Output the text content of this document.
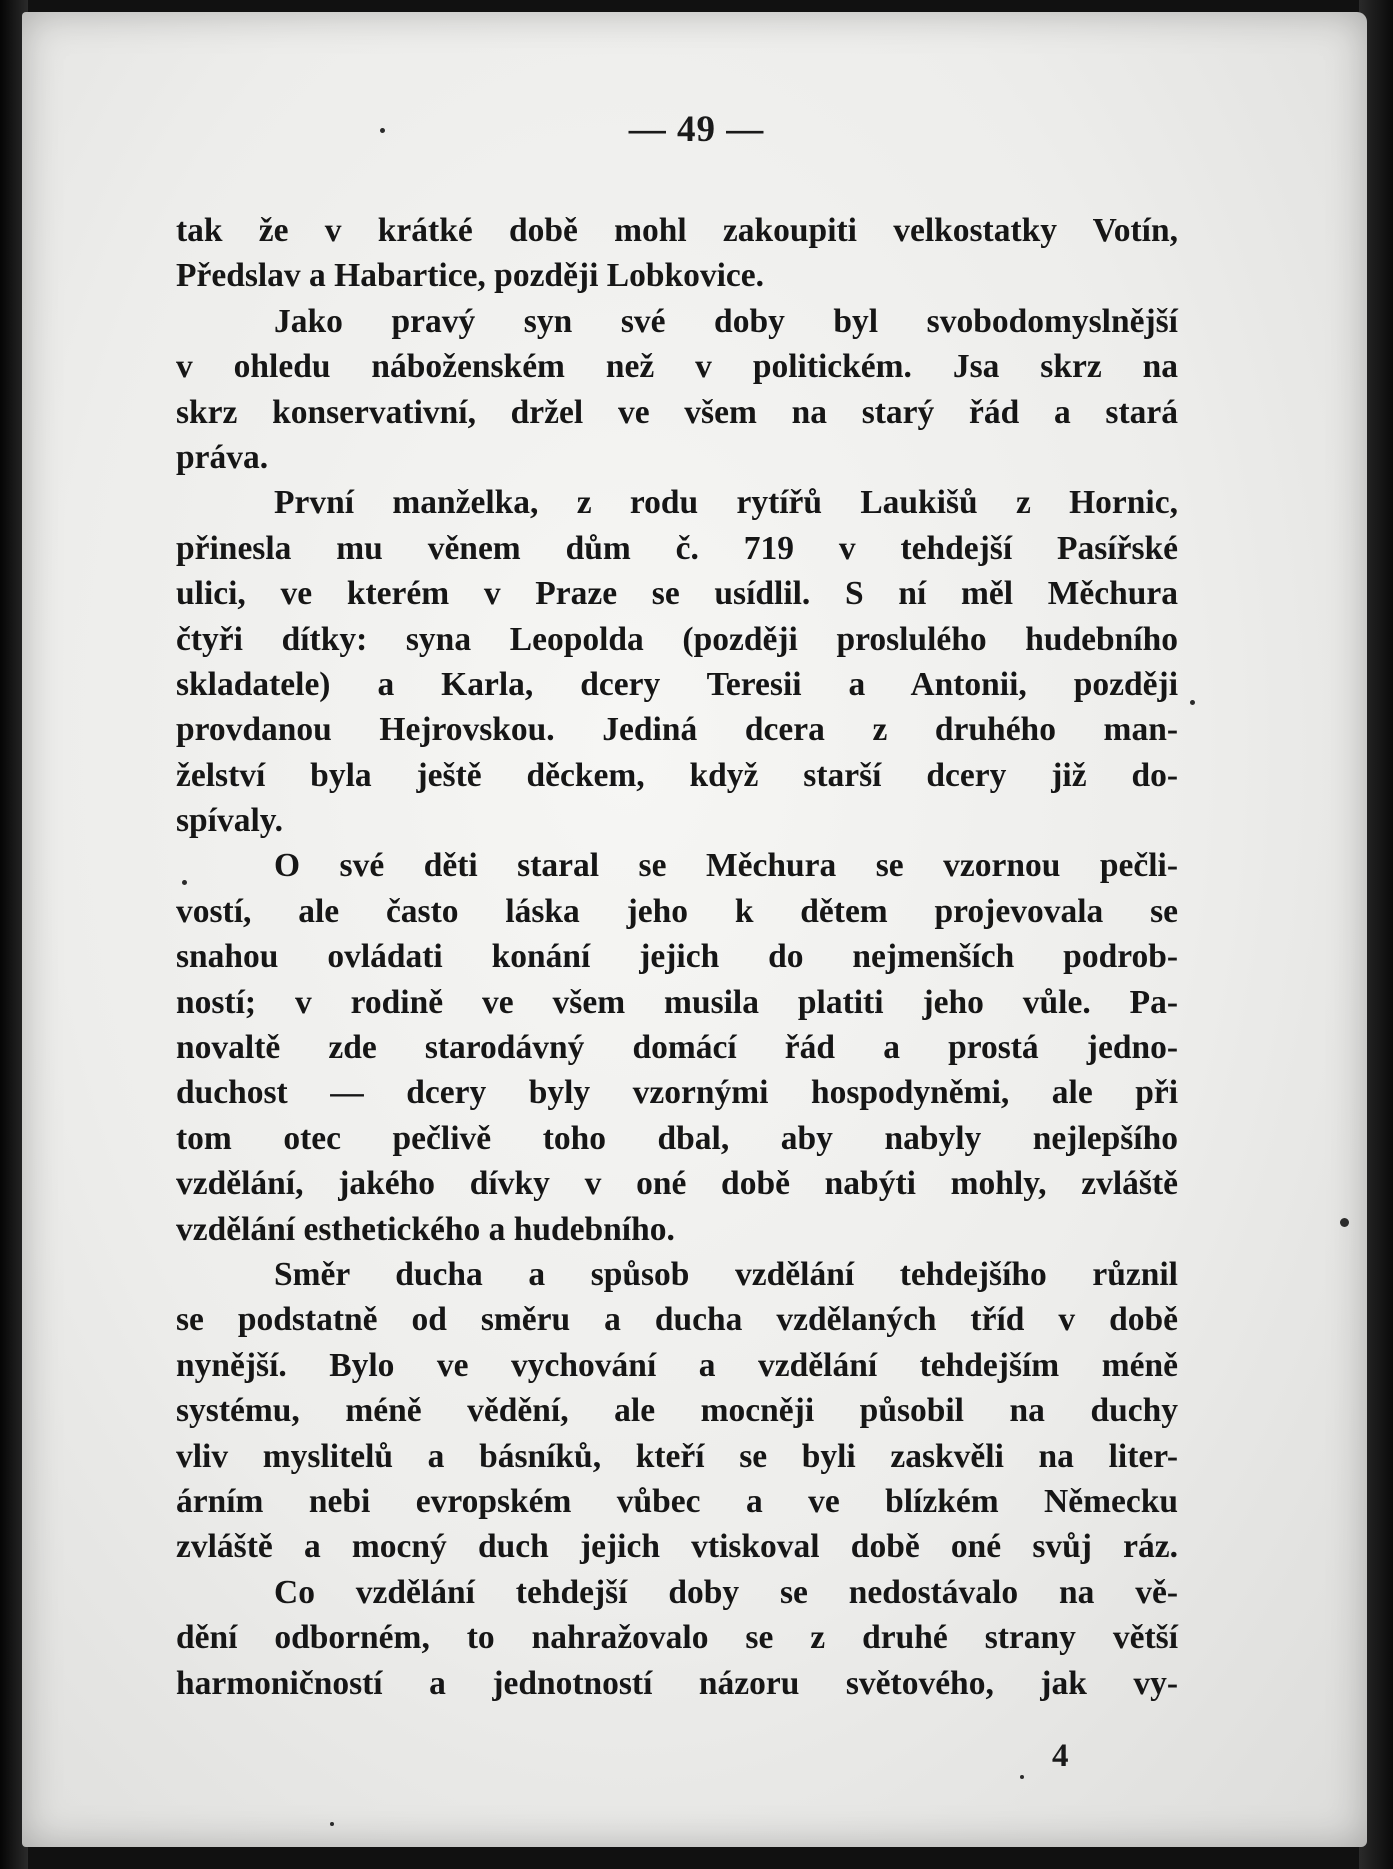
— 49 —
tak že v krátké době mohl zakoupiti velkostatky Votín,
Předslav a Habartice, později Lobkovice.
Jako pravý syn své doby byl svobodomyslnější
v ohledu náboženském než v politickém. Jsa skrz na
skrz konservativní, držel ve všem na starý řád a stará
práva.
První manželka, z rodu rytířů Laukišů z Hornic,
přinesla mu věnem dům č. 719 v tehdejší Pasířské
ulici, ve kterém v Praze se usídlil. S ní měl Měchura
čtyři dítky: syna Leopolda (později proslulého hudebního
skladatele) a Karla, dcery Teresii a Antonii, později
provdanou Hejrovskou. Jediná dcera z druhého man-
želství byla ještě děckem, když starší dcery již do-
spívaly.
O své děti staral se Měchura se vzornou pečli-
vostí, ale často láska jeho k dětem projevovala se
snahou ovládati konání jejich do nejmenších podrob-
ností; v rodině ve všem musila platiti jeho vůle. Pa-
novaltě zde starodávný domácí řád a prostá jedno-
duchost — dcery byly vzornými hospodyněmi, ale při
tom otec pečlivě toho dbal, aby nabyly nejlepšího
vzdělání, jakého dívky v oné době nabýti mohly, zvláště
vzdělání esthetického a hudebního.
Směr ducha a spůsob vzdělání tehdejšího různil
se podstatně od směru a ducha vzdělaných tříd v době
nynější. Bylo ve vychování a vzdělání tehdejším méně
systému, méně vědění, ale mocněji působil na duchy
vliv myslitelů a básníků, kteří se byli zaskvěli na liter-
árním nebi evropském vůbec a ve blízkém Německu
zvláště a mocný duch jejich vtiskoval době oné svůj ráz.
Co vzdělání tehdejší doby se nedostávalo na vě-
dění odborném, to nahražovalo se z druhé strany větší
harmoničností a jednotností názoru světového, jak vy-
4
